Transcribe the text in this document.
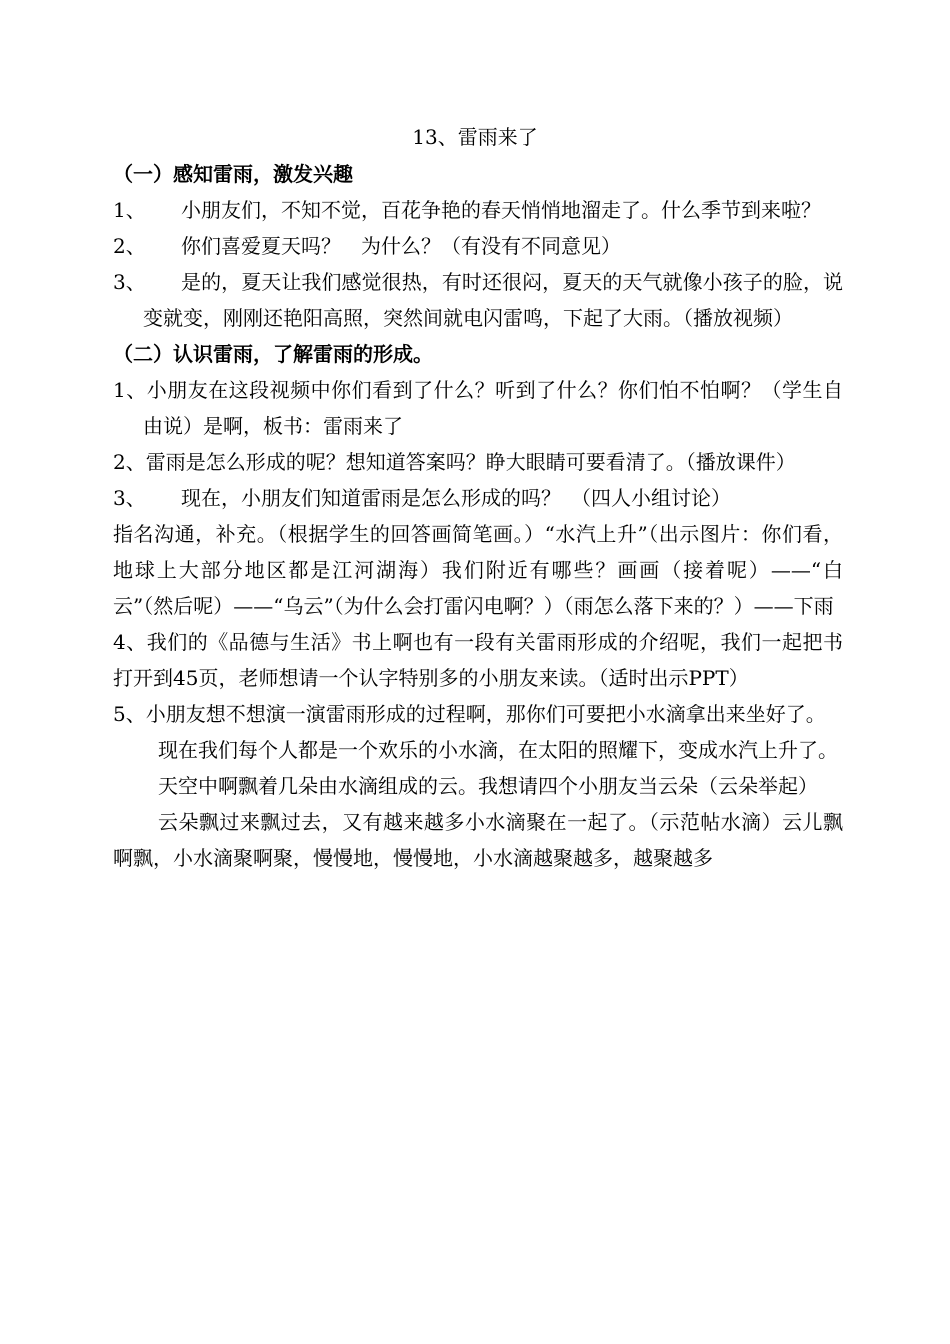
13、雷雨来了
（一）感知雷雨，激发兴趣
1、 小朋友们，不知不觉，百花争艳的春天悄悄地溜走了。什么季节到来啦？
2、 你们喜爱夏天吗？　为什么？（有没有不同意见）
3、 是的，夏天让我们感觉很热，有时还很闷，夏天的天气就像小孩子的脸，说变就变，刚刚还艳阳高照，突然间就电闪雷鸣，下起了大雨。（播放视频）
（二）认识雷雨，了解雷雨的形成。
1、小朋友在这段视频中你们看到了什么？听到了什么？你们怕不怕啊？（学生自由说）是啊，板书：雷雨来了
2、雷雨是怎么形成的呢？想知道答案吗？睁大眼睛可要看清了。（播放课件）
3、 现在，小朋友们知道雷雨是怎么形成的吗？　（四人小组讨论）
指名沟通，补充。（根据学生的回答画简笔画。）“水汽上升”（出示图片：你们看，地球上大部分地区都是江河湖海）我们附近有哪些？画画（接着呢）——“白云”（然后呢）——“乌云”（为什么会打雷闪电啊？）（雨怎么落下来的？）——下雨
4、我们的《品德与生活》书上啊也有一段有关雷雨形成的介绍呢，我们一起把书打开到45页，老师想请一个认字特别多的小朋友来读。（适时出示PPT）
5、小朋友想不想演一演雷雨形成的过程啊，那你们可要把小水滴拿出来坐好了。
现在我们每个人都是一个欢乐的小水滴，在太阳的照耀下，变成水汽上升了。
天空中啊飘着几朵由水滴组成的云。我想请四个小朋友当云朵（云朵举起）
云朵飘过来飘过去，又有越来越多小水滴聚在一起了。（示范帖水滴）云儿飘啊飘，小水滴聚啊聚，慢慢地，慢慢地，小水滴越聚越多，越聚越多
